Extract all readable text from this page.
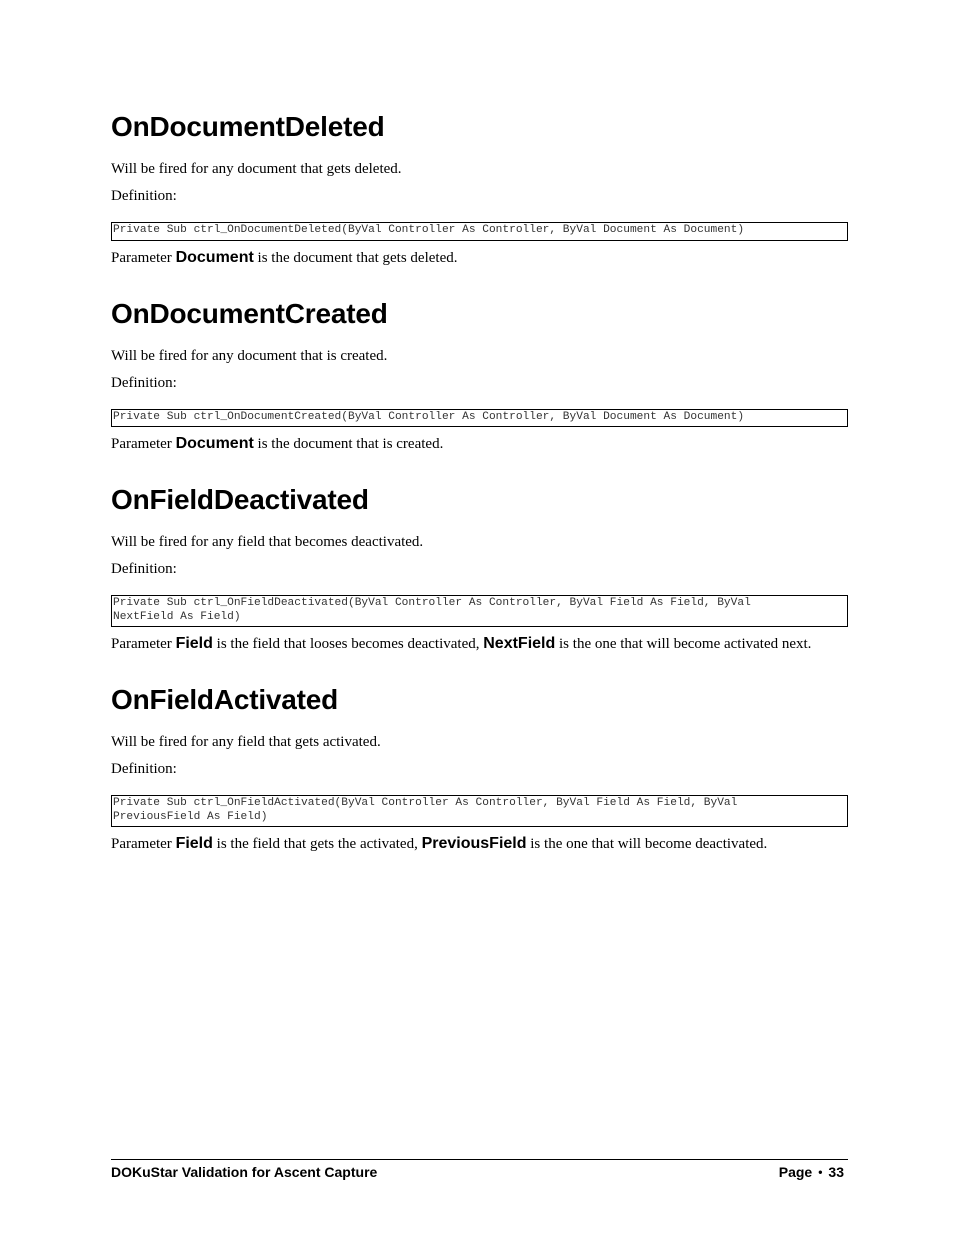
OnDocumentDeleted

Will be fired for any document that gets deleted.

Definition:

Private Sub ctrl_OnDocumentDeleted(ByVal Controller As Controller, ByVal Document As Document)

Parameter Document is the document that gets deleted.

OnDocumentCreated

Will be fired for any document that is created.

Definition:

Private Sub ctrl_OnDocumentCreated(ByVal Controller As Controller, ByVal Document As Document)

Parameter Document is the document that is created.

OnFieldDeactivated

Will be fired for any field that becomes deactivated.

Definition:

Private Sub ctrl_OnFieldDeactivated(ByVal Controller As Controller, ByVal Field As Field, ByVal
NextField As Field)

Parameter Field is the field that looses becomes deactivated, NextField is the one that will become activated next.

OnFieldActivated

Will be fired for any field that gets activated.

Definition:

Private Sub ctrl_OnFieldActivated(ByVal Controller As Controller, ByVal Field As Field, ByVal
PreviousField As Field)

Parameter Field is the field that gets the activated, PreviousField is the one that will become deactivated.

DOKuStar Validation for Ascent Capture	Page • 33
